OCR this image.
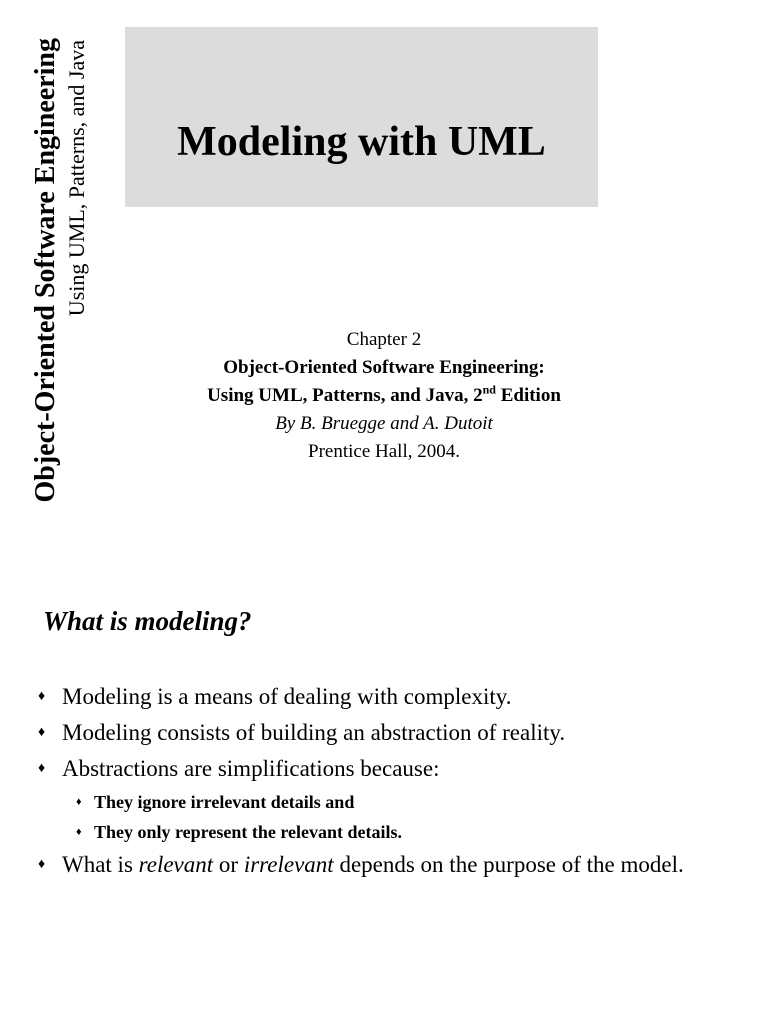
Object-Oriented Software Engineering Using UML, Patterns, and Java	Modeling with UML
Chapter 2
Object-Oriented Software Engineering:
Using UML, Patterns, and Java, 2nd Edition
By B. Bruegge and A. Dutoit
Prentice Hall, 2004.
What is modeling?
♦ Modeling is a means of dealing with complexity.
♦ Modeling consists of building an abstraction of reality.
♦ Abstractions are simplifications because:
♦ They ignore irrelevant details and
♦ They only represent the relevant details.
♦ What is relevant or irrelevant depends on the purpose of the model.
